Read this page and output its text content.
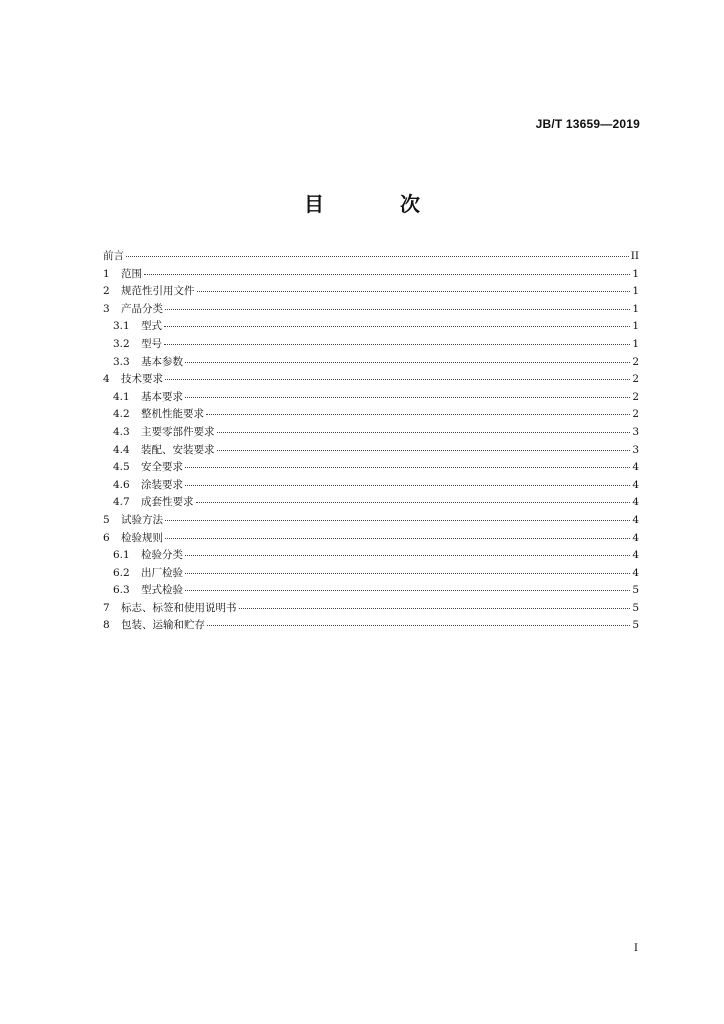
JB/T 13659—2019
目　次
前言	II
1	范围	1
2	规范性引用文件	1
3	产品分类	1
3.1	型式	1
3.2	型号	1
3.3	基本参数	2
4	技术要求	2
4.1	基本要求	2
4.2	整机性能要求	2
4.3	主要零部件要求	3
4.4	装配、安装要求	3
4.5	安全要求	4
4.6	涂装要求	4
4.7	成套性要求	4
5	试验方法	4
6	检验规则	4
6.1	检验分类	4
6.2	出厂检验	4
6.3	型式检验	5
7	标志、标签和使用说明书	5
8	包装、运输和贮存	5
I
